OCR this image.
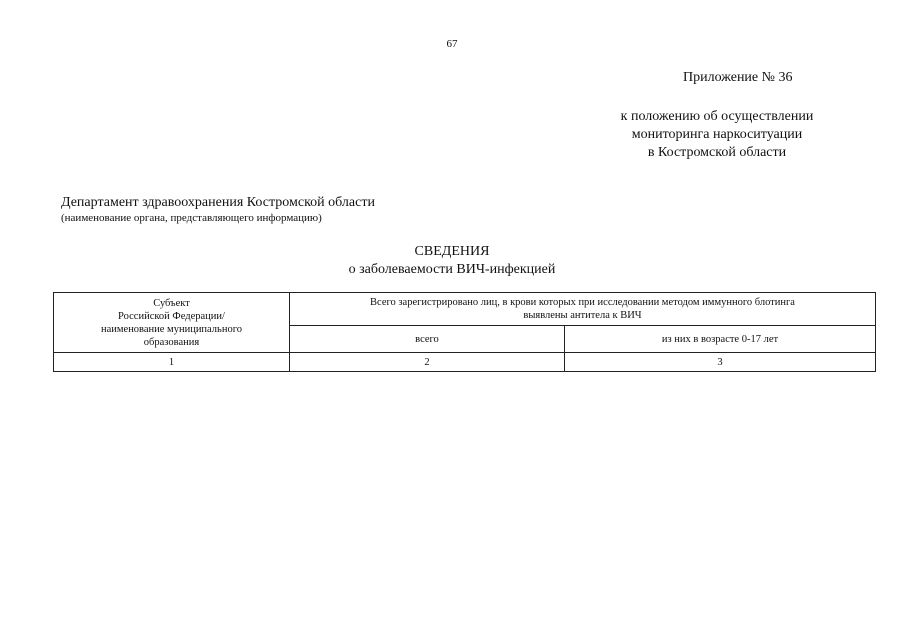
67
Приложение № 36
к положению об осуществлении
мониторинга наркоситуации
в Костромской области
Департамент здравоохранения Костромской области
(наименование органа, представляющего информацию)
СВЕДЕНИЯ
о заболеваемости ВИЧ-инфекцией
Субъект
Российской Федерации/
наименование муниципального
образования	Всего зарегистрировано лиц, в крови которых при исследовании методом иммунного блотинга
выявлены антитела к ВИЧ	

	всего	из них в возрасте 0-17 лет
1	2	3
